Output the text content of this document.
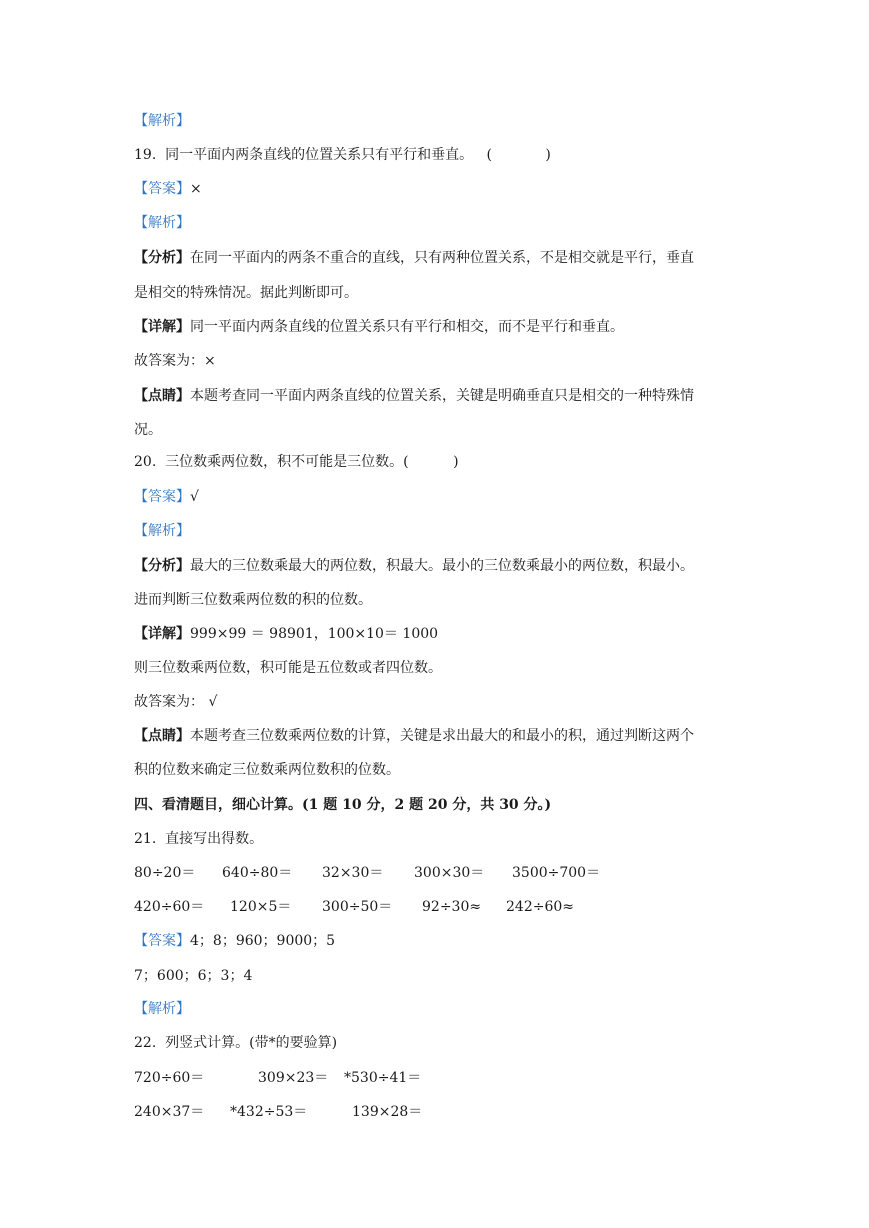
【解析】
19.  同一平面内两条直线的位置关系只有平行和垂直。   (            )
【答案】×
【解析】
【分析】在同一平面内的两条不重合的直线，只有两种位置关系，不是相交就是平行，垂直
是相交的特殊情况。据此判断即可。
【详解】同一平面内两条直线的位置关系只有平行和相交，而不是平行和垂直。
故答案为：×
【点睛】本题考查同一平面内两条直线的位置关系，关键是明确垂直只是相交的一种特殊情
况。
20.  三位数乘两位数，积不可能是三位数。(          )
【答案】√
【解析】
【分析】最大的三位数乘最大的两位数，积最大。最小的三位数乘最小的两位数，积最小。
进而判断三位数乘两位数的积的位数。
【详解】999×99 ＝ 98901，100×10＝ 1000
则三位数乘两位数，积可能是五位数或者四位数。
故答案为： √
【点睛】本题考查三位数乘两位数的计算，关键是求出最大的和最小的积，通过判断这两个
积的位数来确定三位数乘两位数积的位数。
四、看清题目，细心计算。(1 题 10 分，2 题 20 分，共 30 分。)
21.  直接写出得数。
80÷20＝ 640÷80＝ 32×30＝ 300×30＝ 3500÷700＝
420÷60＝ 120×5＝ 300÷50＝ 92÷30≈ 242÷60≈
【答案】4；8；960；9000；5
7；600；6；3；4
【解析】
22.  列竖式计算。(带*的要验算)
720÷60＝	309×23＝ *530÷41＝
240×37＝ *432÷53＝	139×28＝
